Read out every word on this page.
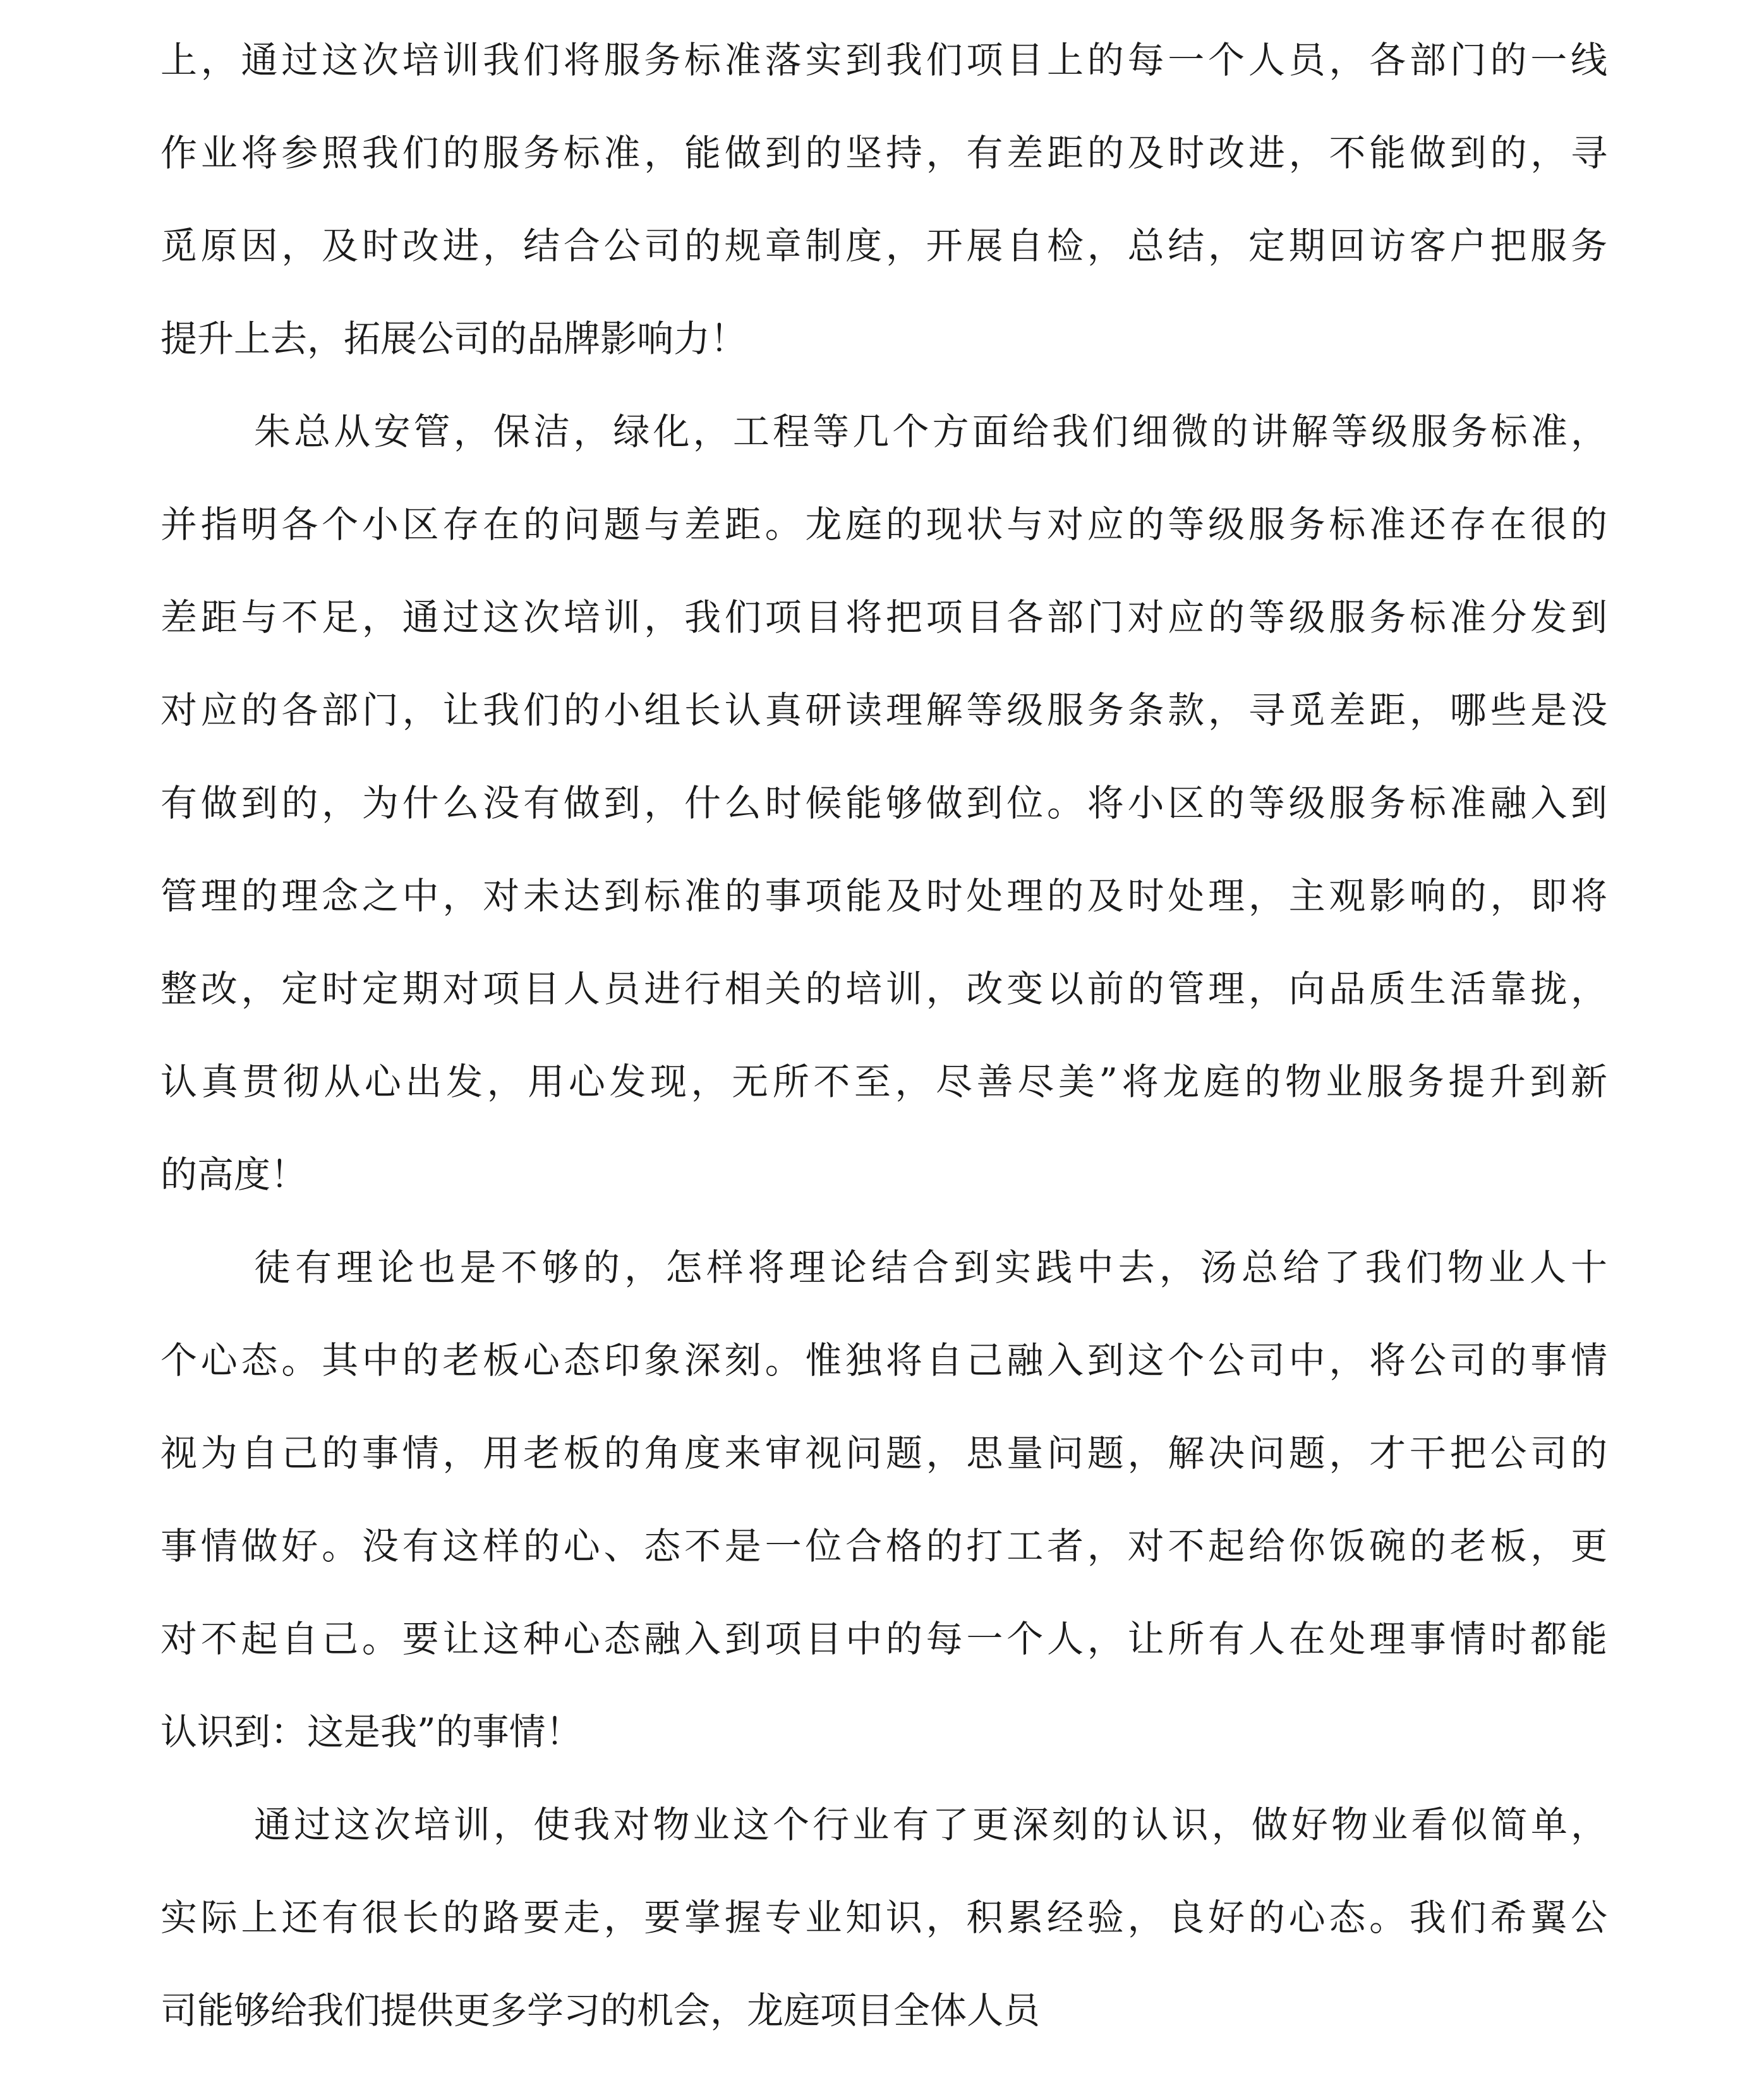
上，通过这次培训我们将服务标准落实到我们项目上的每一个人员，各部门的一线
作业将参照我们的服务标准，能做到的坚持，有差距的及时改进，不能做到的，寻
觅原因，及时改进，结合公司的规章制度，开展自检，总结，定期回访客户把服务
提升上去，拓展公司的品牌影响力！
朱总从安管，保洁，绿化，工程等几个方面给我们细微的讲解等级服务标准，
并指明各个小区存在的问题与差距。龙庭的现状与对应的等级服务标准还存在很的
差距与不足，通过这次培训，我们项目将把项目各部门对应的等级服务标准分发到
对应的各部门，让我们的小组长认真研读理解等级服务条款，寻觅差距，哪些是没
有做到的，为什么没有做到，什么时候能够做到位。将小区的等级服务标准融入到
管理的理念之中，对未达到标准的事项能及时处理的及时处理，主观影响的，即将
整改，定时定期对项目人员进行相关的培训，改变以前的管理，向品质生活靠拢，
认真贯彻从心出发，用心发现，无所不至，尽善尽美”将龙庭的物业服务提升到新
的高度！
徒有理论也是不够的，怎样将理论结合到实践中去，汤总给了我们物业人十
个心态。其中的老板心态印象深刻。惟独将自己融入到这个公司中，将公司的事情
视为自己的事情，用老板的角度来审视问题，思量问题，解决问题，才干把公司的
事情做好。没有这样的心、态不是一位合格的打工者，对不起给你饭碗的老板，更
对不起自己。要让这种心态融入到项目中的每一个人，让所有人在处理事情时都能
认识到：这是我”的事情！
通过这次培训，使我对物业这个行业有了更深刻的认识，做好物业看似简单，
实际上还有很长的路要走，要掌握专业知识，积累经验，良好的心态。我们希翼公
司能够给我们提供更多学习的机会，龙庭项目全体人员
